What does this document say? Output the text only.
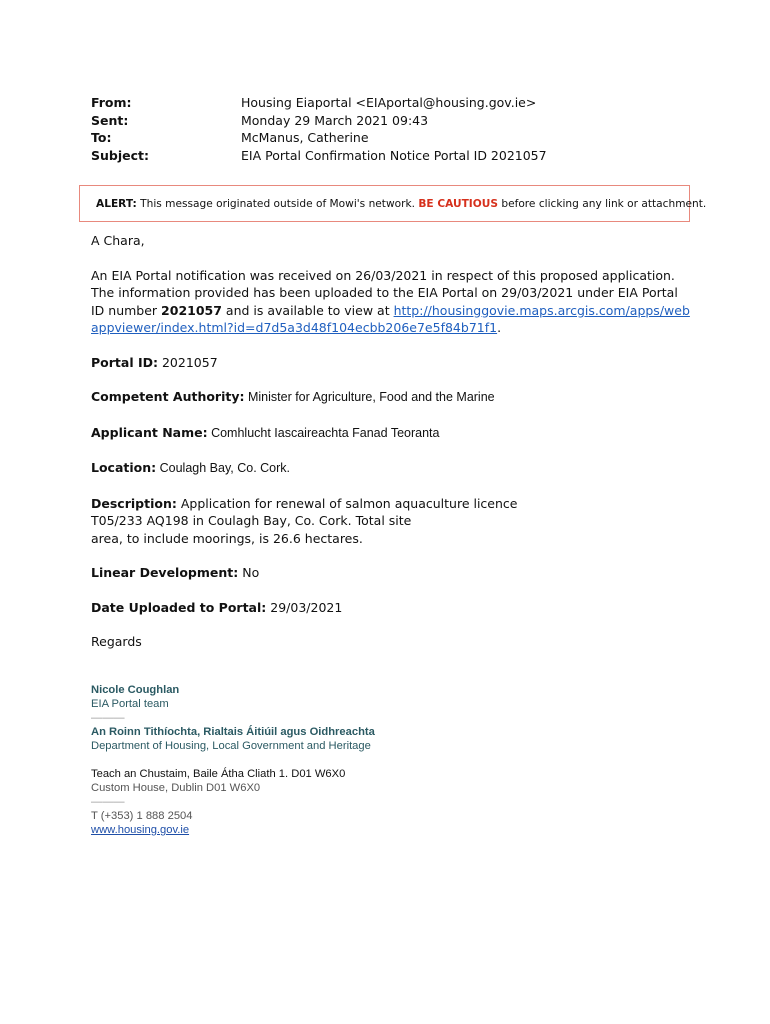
From:	Housing Eiaportal <EIAportal@housing.gov.ie>
Sent:	Monday 29 March 2021 09:43
To:	McManus, Catherine
Subject:	EIA Portal Confirmation Notice Portal ID 2021057
ALERT: This message originated outside of Mowi's network. BE CAUTIOUS before clicking any link or attachment.

A Chara,

An EIA Portal notification was received on 26/03/2021 in respect of this proposed application. The information provided has been uploaded to the EIA Portal on 29/03/2021 under EIA Portal ID number 2021057 and is available to view at http://housinggovie.maps.arcgis.com/apps/webappviewer/index.html?id=d7d5a3d48f104ecbb206e7e5f84b71f1.

Portal ID: 2021057

Competent Authority: Minister for Agriculture, Food and the Marine

Applicant Name: Comhlucht Iascaireachta Fanad Teoranta

Location: Coulagh Bay, Co. Cork.

Description: Application for renewal of salmon aquaculture licence
T05/233 AQ198 in Coulagh Bay, Co. Cork. Total site
area, to include moorings, is 26.6 hectares.

Linear Development: No

Date Uploaded to Portal: 29/03/2021

Regards

Nicole Coughlan
EIA Portal team
———
An Roinn Tithíochta, Rialtais Áitiúil agus Oidhreachta
Department of Housing, Local Government and Heritage
Teach an Chustaim, Baile Átha Cliath 1. D01 W6X0
Custom House, Dublin D01 W6X0
———
T (+353) 1 888 2504
www.housing.gov.ie
